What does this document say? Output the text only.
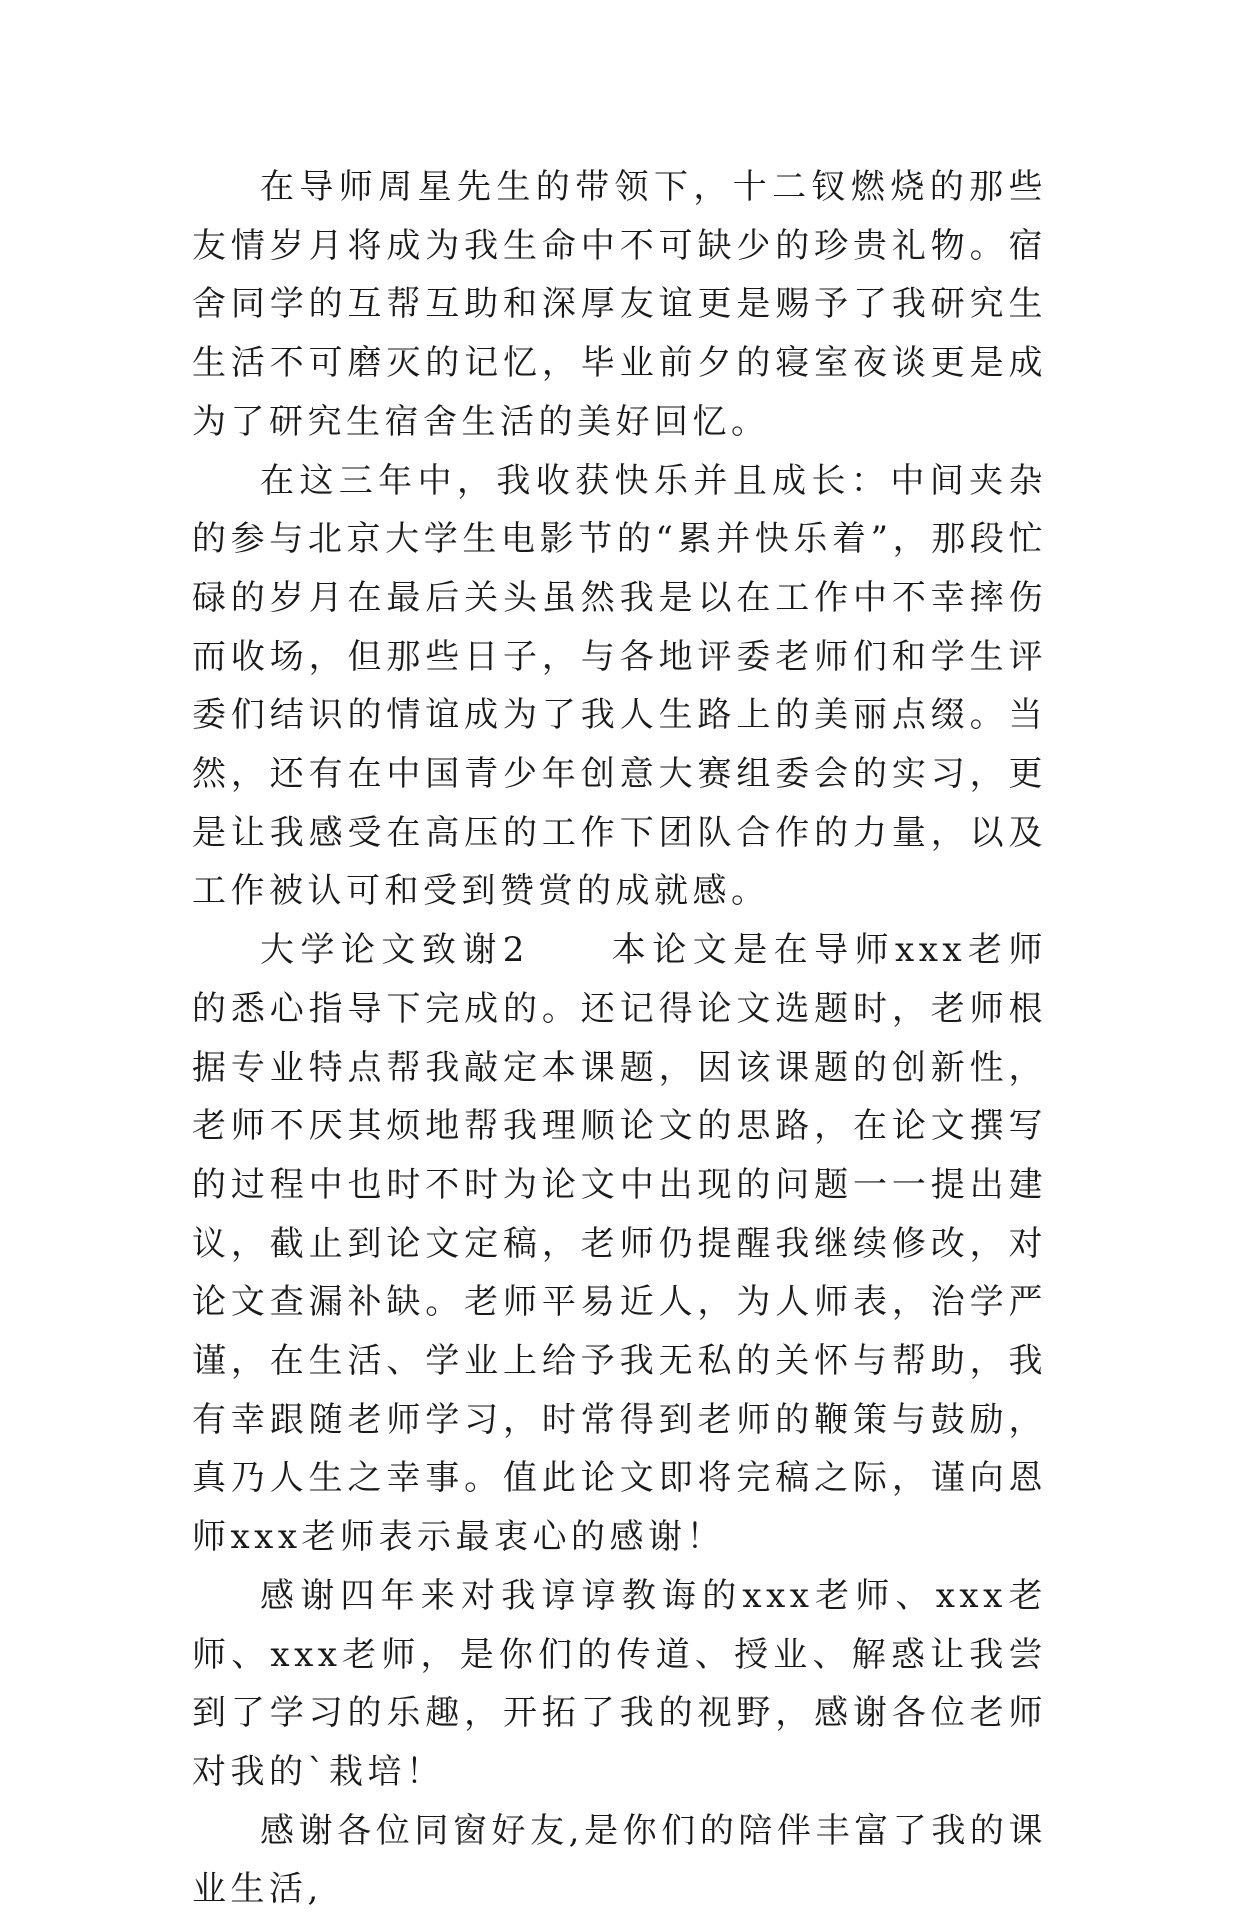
在导师周星先生的带领下，十二钗燃烧的那些友情岁月将成为我生命中不可缺少的珍贵礼物。宿舍同学的互帮互助和深厚友谊更是赐予了我研究生生活不可磨灭的记忆，毕业前夕的寝室夜谈更是成为了研究生宿舍生活的美好回忆。

在这三年中，我收获快乐并且成长：中间夹杂的参与北京大学生电影节的“累并快乐着”，那段忙碌的岁月在最后关头虽然我是以在工作中不幸摔伤而收场，但那些日子，与各地评委老师们和学生评委们结识的情谊成为了我人生路上的美丽点缀。当然，还有在中国青少年创意大赛组委会的实习，更是让我感受在高压的工作下团队合作的力量，以及工作被认可和受到赞赏的成就感。

大学论文致谢2　　本论文是在导师xxx老师的悉心指导下完成的。还记得论文选题时，老师根据专业特点帮我敲定本课题，因该课题的创新性，老师不厌其烦地帮我理顺论文的思路，在论文撰写的过程中也时不时为论文中出现的问题一一提出建议，截止到论文定稿，老师仍提醒我继续修改，对论文查漏补缺。老师平易近人，为人师表，治学严谨，在生活、学业上给予我无私的关怀与帮助，我有幸跟随老师学习，时常得到老师的鞭策与鼓励，真乃人生之幸事。值此论文即将完稿之际，谨向恩师xxx老师表示最衷心的感谢！

感谢四年来对我谆谆教诲的xxx老师、xxx老师、xxx老师，是你们的传道、授业、解惑让我尝到了学习的乐趣，开拓了我的视野，感谢各位老师对我的`栽培！

感谢各位同窗好友,是你们的陪伴丰富了我的课业生活,
